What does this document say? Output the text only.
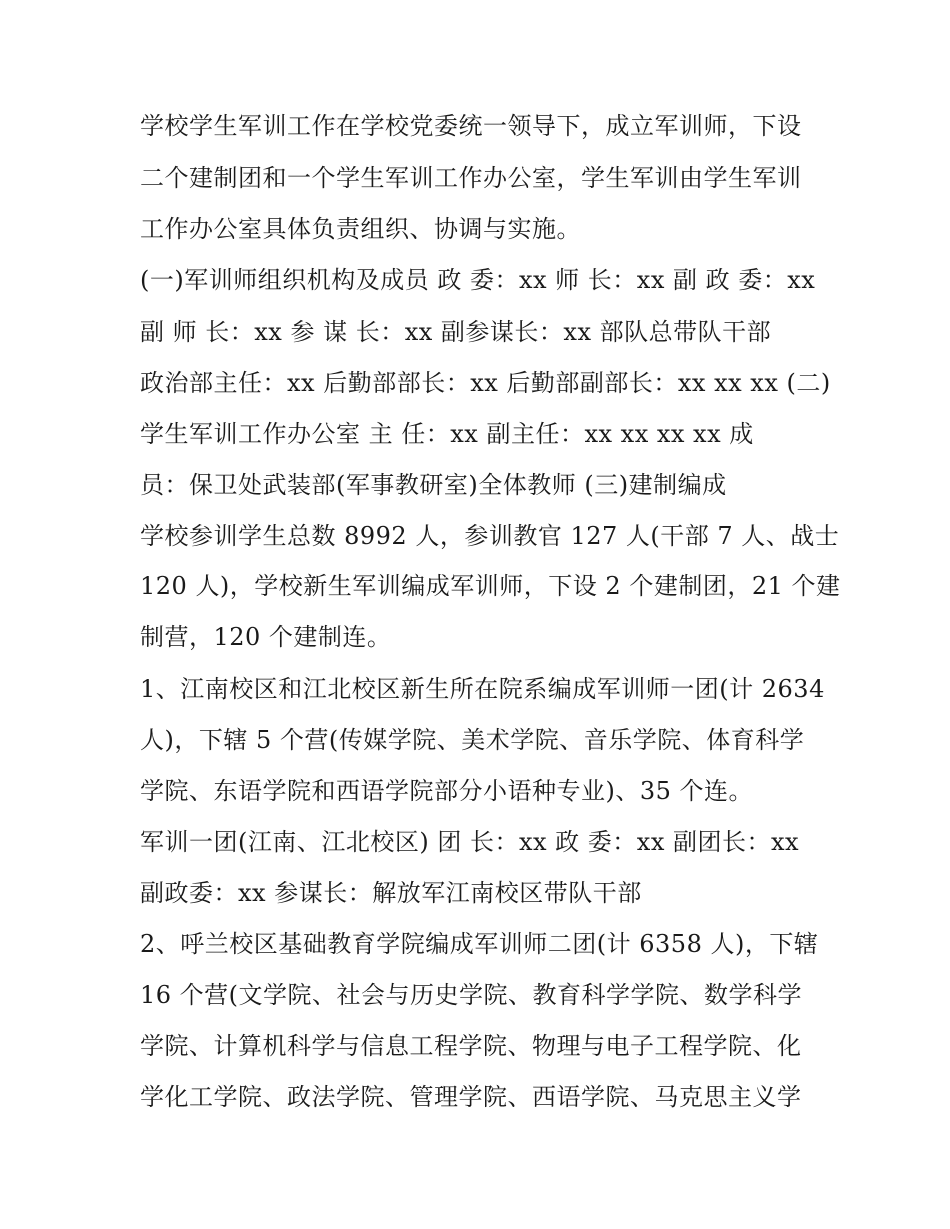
学校学生军训工作在学校党委统一领导下，成立军训师，下设
二个建制团和一个学生军训工作办公室，学生军训由学生军训
工作办公室具体负责组织、协调与实施。
(一)军训师组织机构及成员 政 委：xx 师 长：xx 副 政 委：xx
副 师 长：xx 参 谋 长：xx 副参谋长：xx 部队总带队干部
政治部主任：xx 后勤部部长：xx 后勤部副部长：xx xx xx (二)
学生军训工作办公室 主 任：xx 副主任：xx xx xx xx 成
员：保卫处武装部(军事教研室)全体教师 (三)建制编成
学校参训学生总数 8992 人，参训教官 127 人(干部 7 人、战士
120 人)，学校新生军训编成军训师，下设 2 个建制团，21 个建
制营，120 个建制连。
1、江南校区和江北校区新生所在院系编成军训师一团(计 2634
人)，下辖 5 个营(传媒学院、美术学院、音乐学院、体育科学
学院、东语学院和西语学院部分小语种专业)、35 个连。
军训一团(江南、江北校区) 团 长：xx 政 委：xx 副团长：xx
副政委：xx 参谋长：解放军江南校区带队干部
2、呼兰校区基础教育学院编成军训师二团(计 6358 人)，下辖
16 个营(文学院、社会与历史学院、教育科学学院、数学科学
学院、计算机科学与信息工程学院、物理与电子工程学院、化
学化工学院、政法学院、管理学院、西语学院、马克思主义学
